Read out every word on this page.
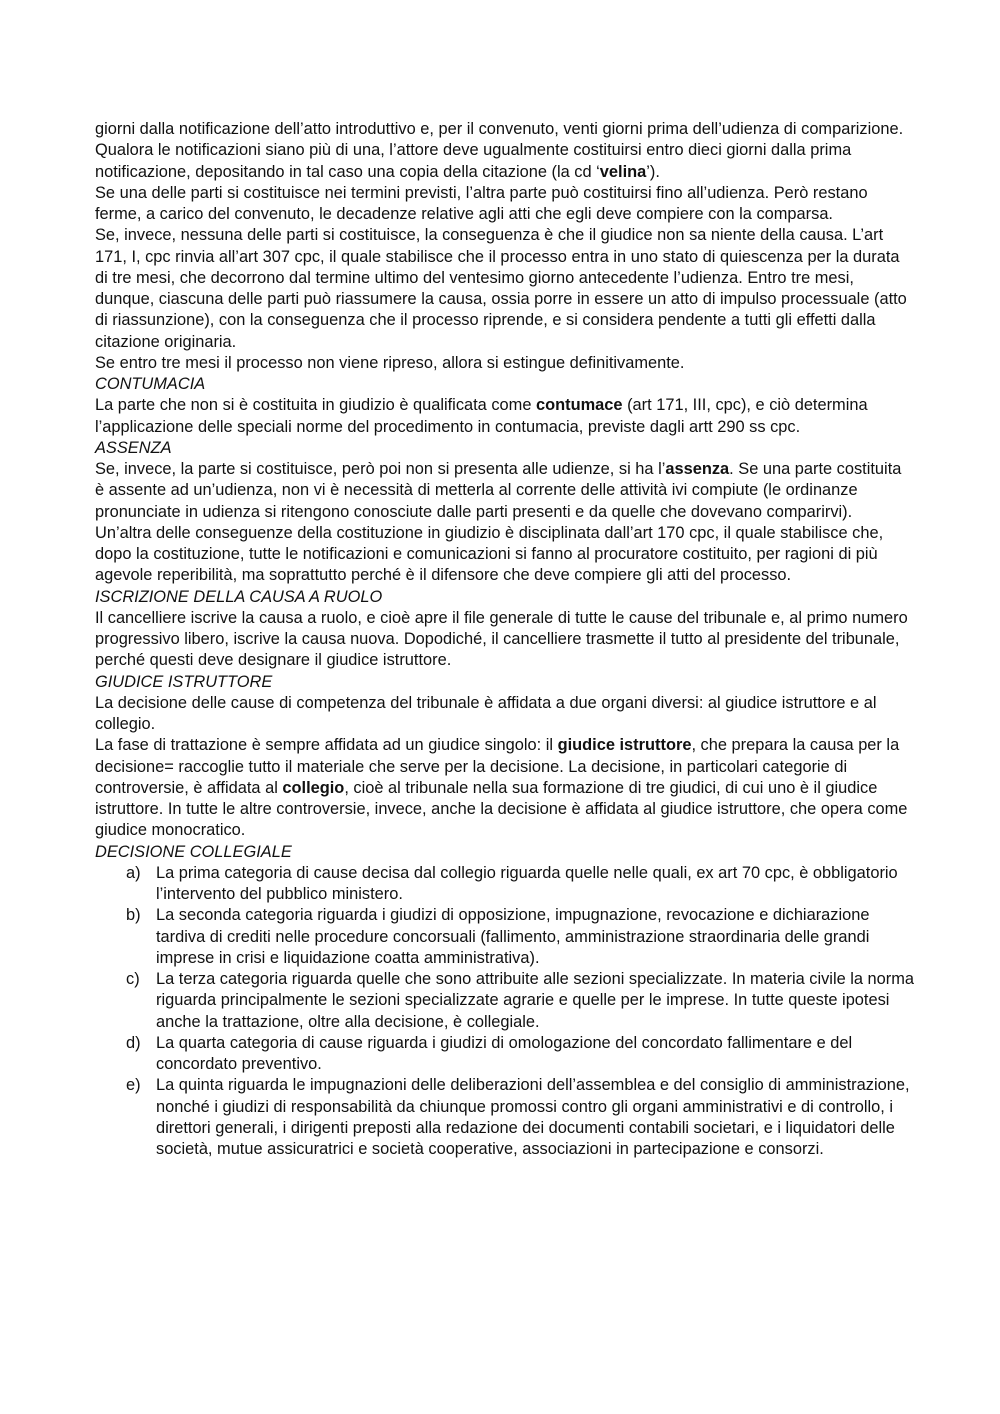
giorni dalla notificazione dell’atto introduttivo e, per il convenuto, venti giorni prima dell’udienza di comparizione.

Qualora le notificazioni siano più di una, l’attore deve ugualmente costituirsi entro dieci giorni dalla prima notificazione, depositando in tal caso una copia della citazione (la cd ‘velina’).

Se una delle parti si costituisce nei termini previsti, l’altra parte può costituirsi fino all’udienza. Però restano ferme, a carico del convenuto, le decadenze relative agli atti che egli deve compiere con la comparsa.

Se, invece, nessuna delle parti si costituisce, la conseguenza è che il giudice non sa niente della causa. L’art 171, I, cpc rinvia all’art 307 cpc, il quale stabilisce che il processo entra in uno stato di quiescenza per la durata di tre mesi, che decorrono dal termine ultimo del ventesimo giorno antecedente l’udienza. Entro tre mesi, dunque, ciascuna delle parti può riassumere la causa, ossia porre in essere un atto di impulso processuale (atto di riassunzione), con la conseguenza che il processo riprende, e si considera pendente a tutti gli effetti dalla citazione originaria.

Se entro tre mesi il processo non viene ripreso, allora si estingue definitivamente.

CONTUMACIA

La parte che non si è costituita in giudizio è qualificata come contumace (art 171, III, cpc), e ciò determina l’applicazione delle speciali norme del procedimento in contumacia, previste dagli artt 290 ss cpc.

ASSENZA

Se, invece, la parte si costituisce, però poi non si presenta alle udienze, si ha l’assenza. Se una parte costituita è assente ad un’udienza, non vi è necessità di metterla al corrente delle attività ivi compiute (le ordinanze pronunciate in udienza si ritengono conosciute dalle parti presenti e da quelle che dovevano comparirvi).

Un’altra delle conseguenze della costituzione in giudizio è disciplinata dall’art 170 cpc, il quale stabilisce che, dopo la costituzione, tutte le notificazioni e comunicazioni si fanno al procuratore costituito, per ragioni di più agevole reperibilità, ma soprattutto perché è il difensore che deve compiere gli atti del processo.

ISCRIZIONE DELLA CAUSA A RUOLO

Il cancelliere iscrive la causa a ruolo, e cioè apre il file generale di tutte le cause del tribunale e, al primo numero progressivo libero, iscrive la causa nuova. Dopodiché, il cancelliere trasmette il tutto al presidente del tribunale, perché questi deve designare il giudice istruttore.

GIUDICE ISTRUTTORE

La decisione delle cause di competenza del tribunale è affidata a due organi diversi: al giudice istruttore e al collegio.

La fase di trattazione è sempre affidata ad un giudice singolo: il giudice istruttore, che prepara la causa per la decisione= raccoglie tutto il materiale che serve per la decisione. La decisione, in particolari categorie di controversie, è affidata al collegio, cioè al tribunale nella sua formazione di tre giudici, di cui uno è il giudice istruttore. In tutte le altre controversie, invece, anche la decisione è affidata al giudice istruttore, che opera come giudice monocratico.

DECISIONE COLLEGIALE

a) La prima categoria di cause decisa dal collegio riguarda quelle nelle quali, ex art 70 cpc, è obbligatorio l’intervento del pubblico ministero.
b) La seconda categoria riguarda i giudizi di opposizione, impugnazione, revocazione e dichiarazione tardiva di crediti nelle procedure concorsuali (fallimento, amministrazione straordinaria delle grandi imprese in crisi e liquidazione coatta amministrativa).
c) La terza categoria riguarda quelle che sono attribuite alle sezioni specializzate. In materia civile la norma riguarda principalmente le sezioni specializzate agrarie e quelle per le imprese. In tutte queste ipotesi anche la trattazione, oltre alla decisione, è collegiale.
d) La quarta categoria di cause riguarda i giudizi di omologazione del concordato fallimentare e del concordato preventivo.
e) La quinta riguarda le impugnazioni delle deliberazioni dell’assemblea e del consiglio di amministrazione, nonché i giudizi di responsabilità da chiunque promossi contro gli organi amministrativi e di controllo, i direttori generali, i dirigenti preposti alla redazione dei documenti contabili societari, e i liquidatori delle società, mutue assicuratrici e società cooperative, associazioni in partecipazione e consorzi.
